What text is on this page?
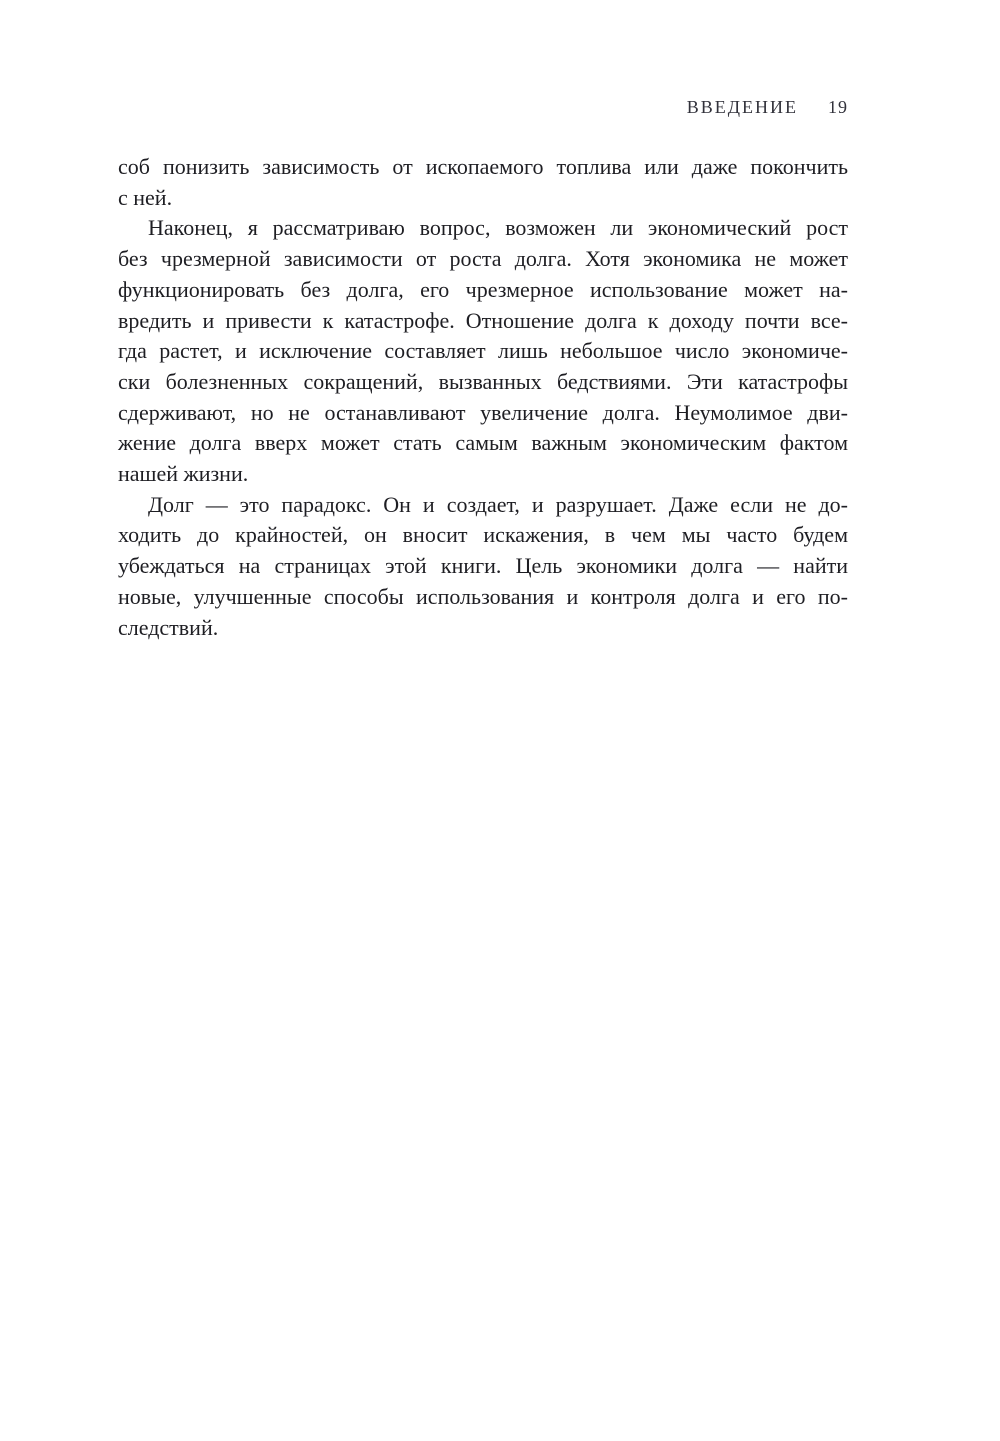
ВВЕДЕНИЕ 19
соб понизить зависимость от ископаемого топлива или даже покончить
с ней.
Наконец, я рассматриваю вопрос, возможен ли экономический рост
без чрезмерной зависимости от роста долга. Хотя экономика не может
функционировать без долга, его чрезмерное использование может на-
вредить и привести к катастрофе. Отношение долга к доходу почти все-
гда растет, и исключение составляет лишь небольшое число экономиче-
ски болезненных сокращений, вызванных бедствиями. Эти катастрофы
сдерживают, но не останавливают увеличение долга. Неумолимое дви-
жение долга вверх может стать самым важным экономическим фактом
нашей жизни.
Долг — это парадокс. Он и создает, и разрушает. Даже если не до-
ходить до крайностей, он вносит искажения, в чем мы часто будем
убеждаться на страницах этой книги. Цель экономики долга — найти
новые, улучшенные способы использования и контроля долга и его по-
следствий.
